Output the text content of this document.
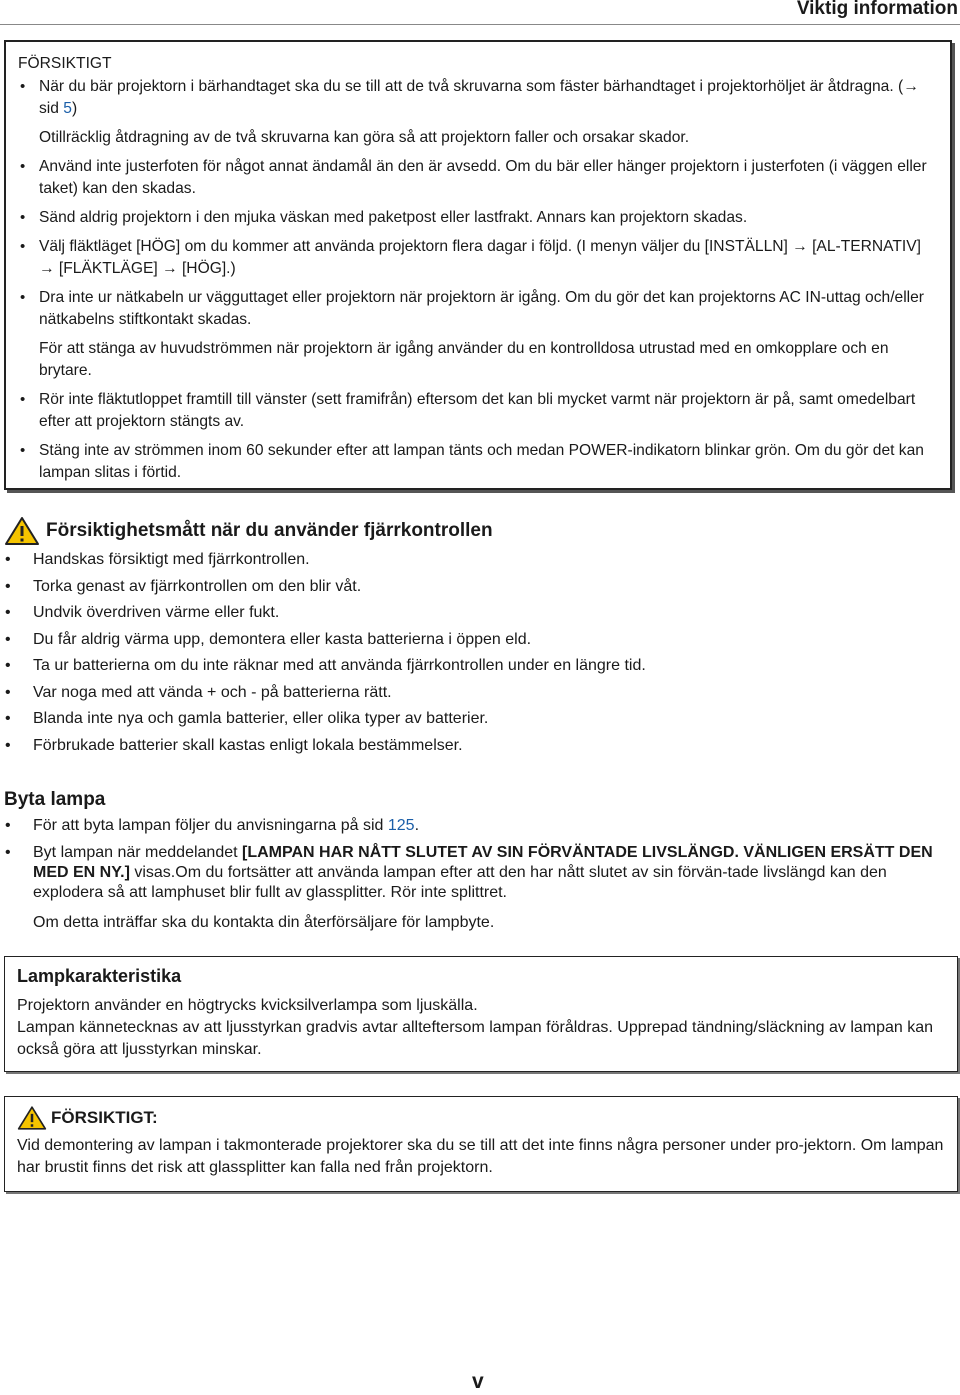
Viktig information
FÖRSIKTIGT
• När du bär projektorn i bärhandtaget ska du se till att de två skruvarna som fäster bärhandtaget i projektorhöljet är åtdragna. (→ sid 5)
Otillräcklig åtdragning av de två skruvarna kan göra så att projektorn faller och orsakar skador.
• Använd inte justerfoten för något annat ändamål än den är avsedd. Om du bär eller hänger projektorn i justerfoten (i väggen eller taket) kan den skadas.
• Sänd aldrig projektorn i den mjuka väskan med paketpost eller lastfrakt. Annars kan projektorn skadas.
• Välj fläktläget [HÖG] om du kommer att använda projektorn flera dagar i följd. (I menyn väljer du [INSTÄLLN] → [AL-TERNATIV] → [FLÄKTLÄGE] → [HÖG].)
• Dra inte ur nätkabeln ur vägguttaget eller projektorn när projektorn är igång. Om du gör det kan projektorns AC IN-uttag och/eller nätkabelns stiftkontakt skadas.
För att stänga av huvudströmmen när projektorn är igång använder du en kontrolldosa utrustad med en omkopplare och en brytare.
• Rör inte fläktutloppet framtill till vänster (sett framifrån) eftersom det kan bli mycket varmt när projektorn är på, samt omedelbart efter att projektorn stängts av.
• Stäng inte av strömmen inom 60 sekunder efter att lampan tänts och medan POWER-indikatorn blinkar grön. Om du gör det kan lampan slitas i förtid.
Försiktighetsmått när du använder fjärrkontrollen
• Handskas försiktigt med fjärrkontrollen.
• Torka genast av fjärrkontrollen om den blir våt.
• Undvik överdriven värme eller fukt.
• Du får aldrig värma upp, demontera eller kasta batterierna i öppen eld.
• Ta ur batterierna om du inte räknar med att använda fjärrkontrollen under en längre tid.
• Var noga med att vända + och - på batterierna rätt.
• Blanda inte nya och gamla batterier, eller olika typer av batterier.
• Förbrukade batterier skall kastas enligt lokala bestämmelser.
Byta lampa
• För att byta lampan följer du anvisningarna på sid 125.
• Byt lampan när meddelandet [LAMPAN HAR NÅTT SLUTET AV SIN FÖRVÄNTADE LIVSLÄNGD. VÄNLIGEN ERSÄTT DEN MED EN NY.] visas.Om du fortsätter att använda lampan efter att den har nått slutet av sin förvän-tade livslängd kan den explodera så att lamphuset blir fullt av glassplitter. Rör inte splittret.
Om detta inträffar ska du kontakta din återförsäljare för lampbyte.
Lampkarakteristika
Projektorn använder en högtrycks kvicksilverlampa som ljuskälla.
Lampan kännetecknas av att ljusstyrkan gradvis avtar allteftersom lampan föråldras. Upprepad tändning/släckning av lampan kan också göra att ljusstyrkan minskar.
FÖRSIKTIGT:
Vid demontering av lampan i takmonterade projektorer ska du se till att det inte finns några personer under pro-jektorn. Om lampan har brustit finns det risk att glassplitter kan falla ned från projektorn.
v
